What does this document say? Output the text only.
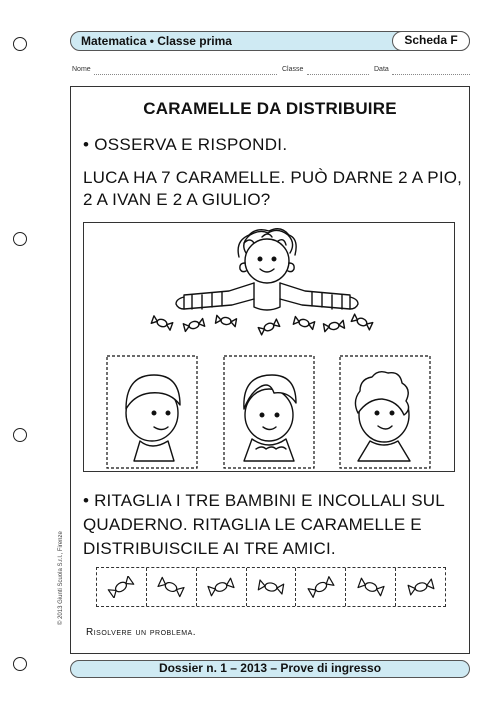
Matematica • Classe prima	Scheda F
Nome	Classe	Data
© 2013 Giunti Scuola S.r.l., Firenze
CARAMELLE DA DISTRIBUIRE
• OSSERVA E RISPONDI.
LUCA HA 7 CARAMELLE. PUÒ DARNE 2 A PIO, 2 A IVAN E 2 A GIULIO?
• RITAGLIA I TRE BAMBINI E INCOLLALI SUL QUADERNO. RITAGLIA LE CARAMELLE E DISTRIBUISCILE AI TRE AMICI.
Risolvere un problema.
Dossier n. 1 – 2013 – Prove di ingresso
